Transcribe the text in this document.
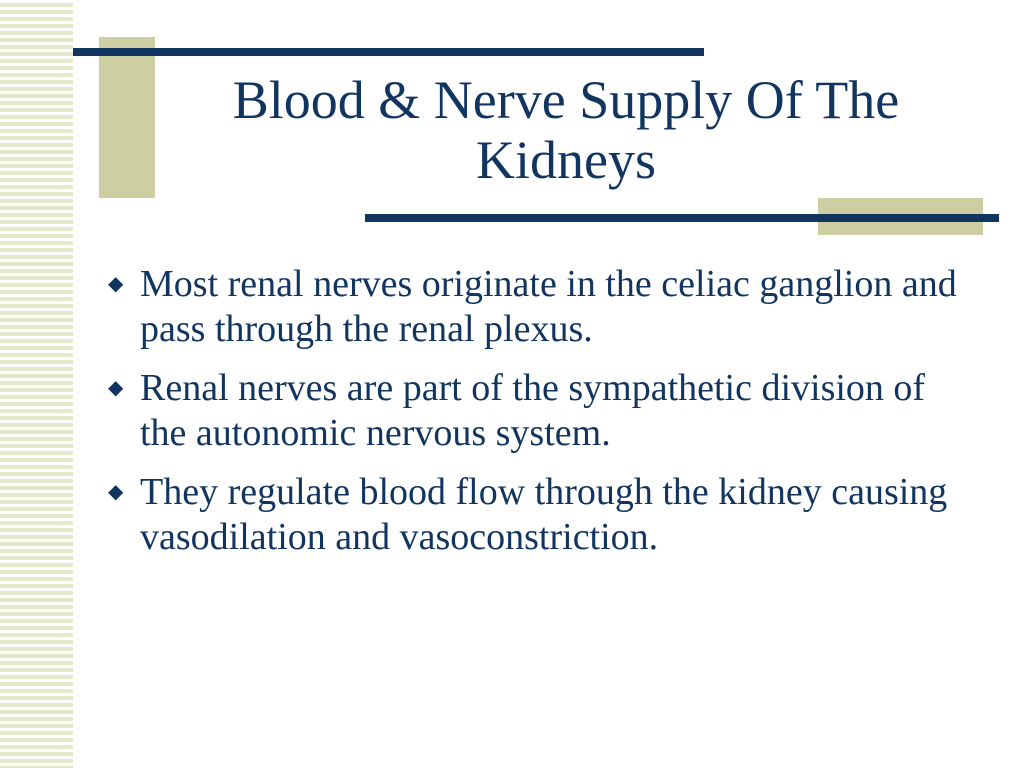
Blood & Nerve Supply Of The Kidneys
◆ Most renal nerves originate in the celiac ganglion and pass through the renal plexus.
◆ Renal nerves are part of the sympathetic division of the autonomic nervous system.
◆ They regulate blood flow through the kidney causing vasodilation and vasoconstriction.
